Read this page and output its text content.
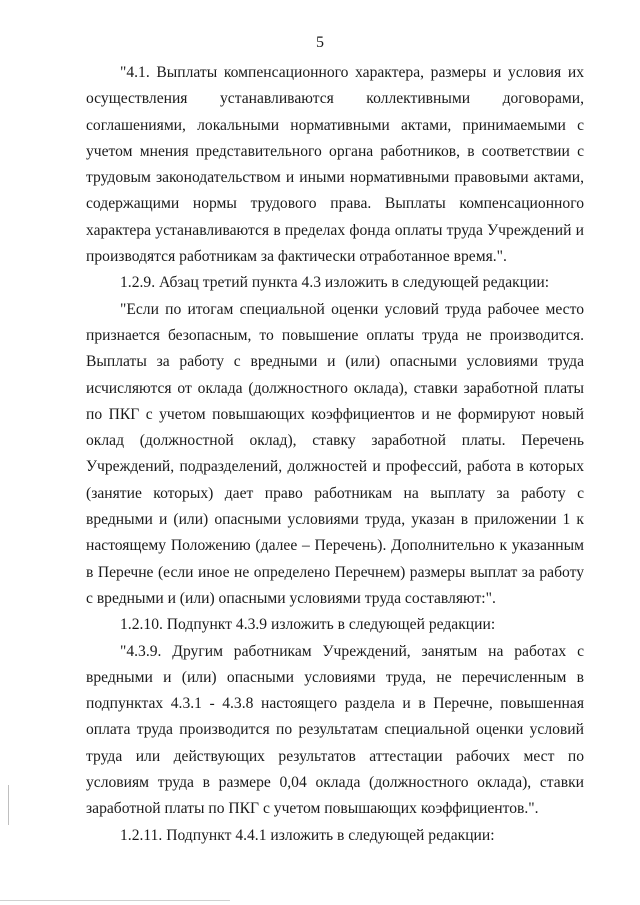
5

"4.1. Выплаты компенсационного характера, размеры и условия их осуществления устанавливаются коллективными договорами, соглашениями, локальными нормативными актами, принимаемыми с учетом мнения представительного органа работников, в соответствии с трудовым законодательством и иными нормативными правовыми актами, содержащими нормы трудового права. Выплаты компенсационного характера устанавливаются в пределах фонда оплаты труда Учреждений и производятся работникам за фактически отработанное время.".

1.2.9. Абзац третий пункта 4.3 изложить в следующей редакции:

"Если по итогам специальной оценки условий труда рабочее место признается безопасным, то повышение оплаты труда не производится. Выплаты за работу с вредными и (или) опасными условиями труда исчисляются от оклада (должностного оклада), ставки заработной платы по ПКГ с учетом повышающих коэффициентов и не формируют новый оклад (должностной оклад), ставку заработной платы. Перечень Учреждений, подразделений, должностей и профессий, работа в которых (занятие которых) дает право работникам на выплату за работу с вредными и (или) опасными условиями труда, указан в приложении 1 к настоящему Положению (далее – Перечень). Дополнительно к указанным в Перечне (если иное не определено Перечнем) размеры выплат за работу с вредными и (или) опасными условиями труда составляют:".

1.2.10. Подпункт 4.3.9 изложить в следующей редакции:

"4.3.9. Другим работникам Учреждений, занятым на работах с вредными и (или) опасными условиями труда, не перечисленным в подпунктах 4.3.1 - 4.3.8 настоящего раздела и в Перечне, повышенная оплата труда производится по результатам специальной оценки условий труда или действующих результатов аттестации рабочих мест по условиям труда в размере 0,04 оклада (должностного оклада), ставки заработной платы по ПКГ с учетом повышающих коэффициентов.".

1.2.11. Подпункт 4.4.1 изложить в следующей редакции:
